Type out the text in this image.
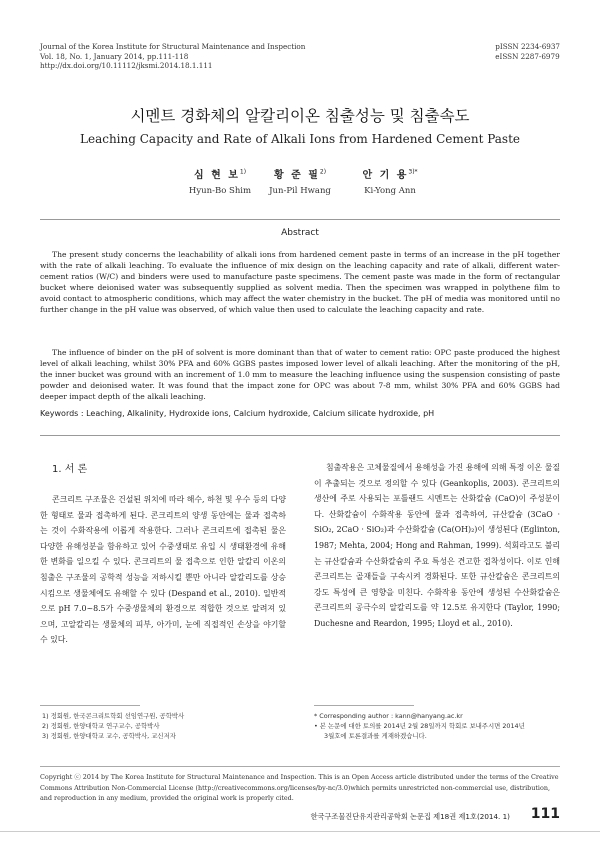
Journal of the Korea Institute for Structural Maintenance and Inspection
Vol. 18, No. 1, January 2014, pp.111-118
http://dx.doi.org/10.11112/jksmi.2014.18.1.111
pISSN 2234-6937
eISSN 2287-6979
시멘트 경화체의 알칼리이온 침출성능 및 침출속도
Leaching Capacity and Rate of Alkali Ions from Hardened Cement Paste
심 현 보$^{1)}$
Hyun-Bo Shim
황 준 필$^{2)}$
Jun-Pil Hwang
안 기 용$^{3)*}$
Ki-Yong Ann
Abstract

The present study concerns the leachability of alkali ions from hardened cement paste in terms of an increase in the pH together with the rate of alkali leaching. To evaluate the influence of mix design on the leaching capacity and rate of alkali, different water-cement ratios (W/C) and binders were used to manufacture paste specimens. The cement paste was made in the form of rectangular bucket where deionised water was subsequently supplied as solvent media. Then the specimen was wrapped in polythene film to avoid contact to atmospheric conditions, which may affect the water chemistry in the bucket. The pH of media was monitored until no further change in the pH value was observed, of which value then used to calculate the leaching capacity and rate.

The influence of binder on the pH of solvent is more dominant than that of water to cement ratio: OPC paste produced the highest level of alkali leaching, whilst 30% PFA and 60% GGBS pastes imposed lower level of alkali leaching. After the monitoring of the pH, the inner bucket was ground with an increment of 1.0 mm to measure the leaching influence using the suspension consisting of paste powder and deionised water. It was found that the impact zone for OPC was about 7-8 mm, whilst 30% PFA and 60% GGBS had deeper impact depth of the alkali leaching.

Keywords : Leaching, Alkalinity, Hydroxide ions, Calcium hydroxide, Calcium silicate hydroxide, pH
1. 서 론

콘크리트 구조물은 건설된 위치에 따라 해수, 하천 및 우수 등의 다양한 형태로 물과 접촉하게 된다. 콘크리트의 양생 동안에는 물과 접촉하는 것이 수화작용에 이롭게 작용한다. 그러나 콘크리트에 접촉된 물은 다양한 유해성분을 함유하고 있어 수중생태로 유입 시 생태환경에 유해한 변화를 일으킬 수 있다. 콘크리트의 물 접촉으로 인한 알칼리 이온의 침출은 구조물의 공학적 성능을 저하시킬 뿐만 아니라 알칼리도를 상승시킴으로 생물체에도 유해할 수 있다 (Despand et al., 2010). 일반적으로 pH 7.0~8.5가 수중생물체의 환경으로 적합한 것으로 알려져 있으며, 고알칼리는 생물체의 피부, 아가미, 눈에 직접적인 손상을 야기할 수 있다.

침출작용은 고체물질에서 용해성을 가진 용해에 의해 특정 이온 물질이 추출되는 것으로 정의할 수 있다 (Geankoplis, 2003). 콘크리트의 생산에 주로 사용되는 포틀랜드 시멘트는 산화칼슘 (CaO)이 주성분이다. 산화칼슘이 수화작용 동안에 물과 접촉하여, 규산칼슘 (3CaO · SiO₂, 2CaO · SiO₂)과 수산화칼슘 (Ca(OH)₂)이 생성된다 (Eglinton, 1987; Mehta, 2004; Hong and Rahman, 1999). 석회라고도 불리는 규산칼슘과 수산화칼슘의 주요 특성은 견고한 접착성이다. 이로 인해 콘크리트는 골재들을 구속시켜 경화된다. 또한 규산칼슘은 콘크리트의 강도 특성에 큰 영향을 미친다. 수화작용 동안에 생성된 수산화칼슘은 콘크리트의 공극수의 알칼리도를 약 12.5로 유지한다 (Taylor, 1990; Duchesne and Reardon, 1995; Lloyd et al., 2010).

1) 정회원, 한국콘크리트학회 선임연구원, 공학박사
2) 정회원, 한양대학교 연구교수, 공학박사
3) 정회원, 한양대학교 교수, 공학박사, 교신저자
* Corresponding author : kann@hanyang.ac.kr
• 본 논문에 대한 토의를 2014년 2월 28일까지 학회로 보내주시면 2014년
3월호에 토론결과를 게재하겠습니다.
Copyright ⓒ 2014 by The Korea Institute for Structural Maintenance and Inspection. This is an Open Access article distributed under the terms of the Creative Commons Attribution Non-Commercial License (http://creativecommons.org/licenses/by-nc/3.0)which permits unrestricted non-commercial use, distribution, and reproduction in any medium, provided the original work is properly cited.
한국구조물진단유지관리공학회 논문집 제18권 제1호(2014. 1) 111
